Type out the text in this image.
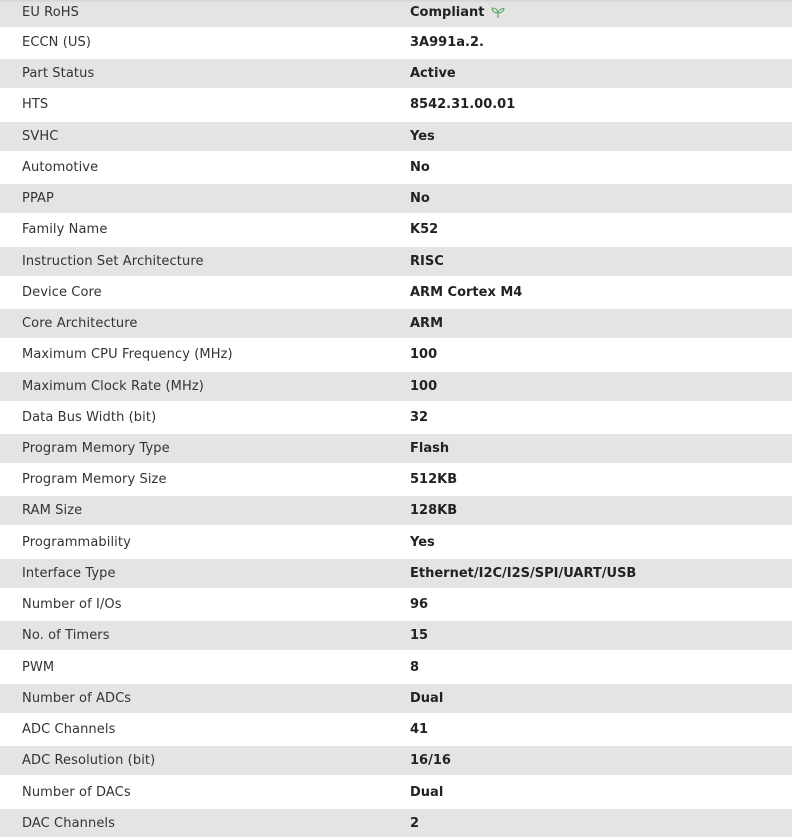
EU RoHS	Compliant
ECCN (US)	3A991a.2.
Part Status	Active
HTS	8542.31.00.01
SVHC	Yes
Automotive	No
PPAP	No
Family Name	K52
Instruction Set Architecture	RISC
Device Core	ARM Cortex M4
Core Architecture	ARM
Maximum CPU Frequency (MHz)	100
Maximum Clock Rate (MHz)	100
Data Bus Width (bit)	32
Program Memory Type	Flash
Program Memory Size	512KB
RAM Size	128KB
Programmability	Yes
Interface Type	Ethernet/I2C/I2S/SPI/UART/USB
Number of I/Os	96
No. of Timers	15
PWM	8
Number of ADCs	Dual
ADC Channels	41
ADC Resolution (bit)	16/16
Number of DACs	Dual
DAC Channels	2
